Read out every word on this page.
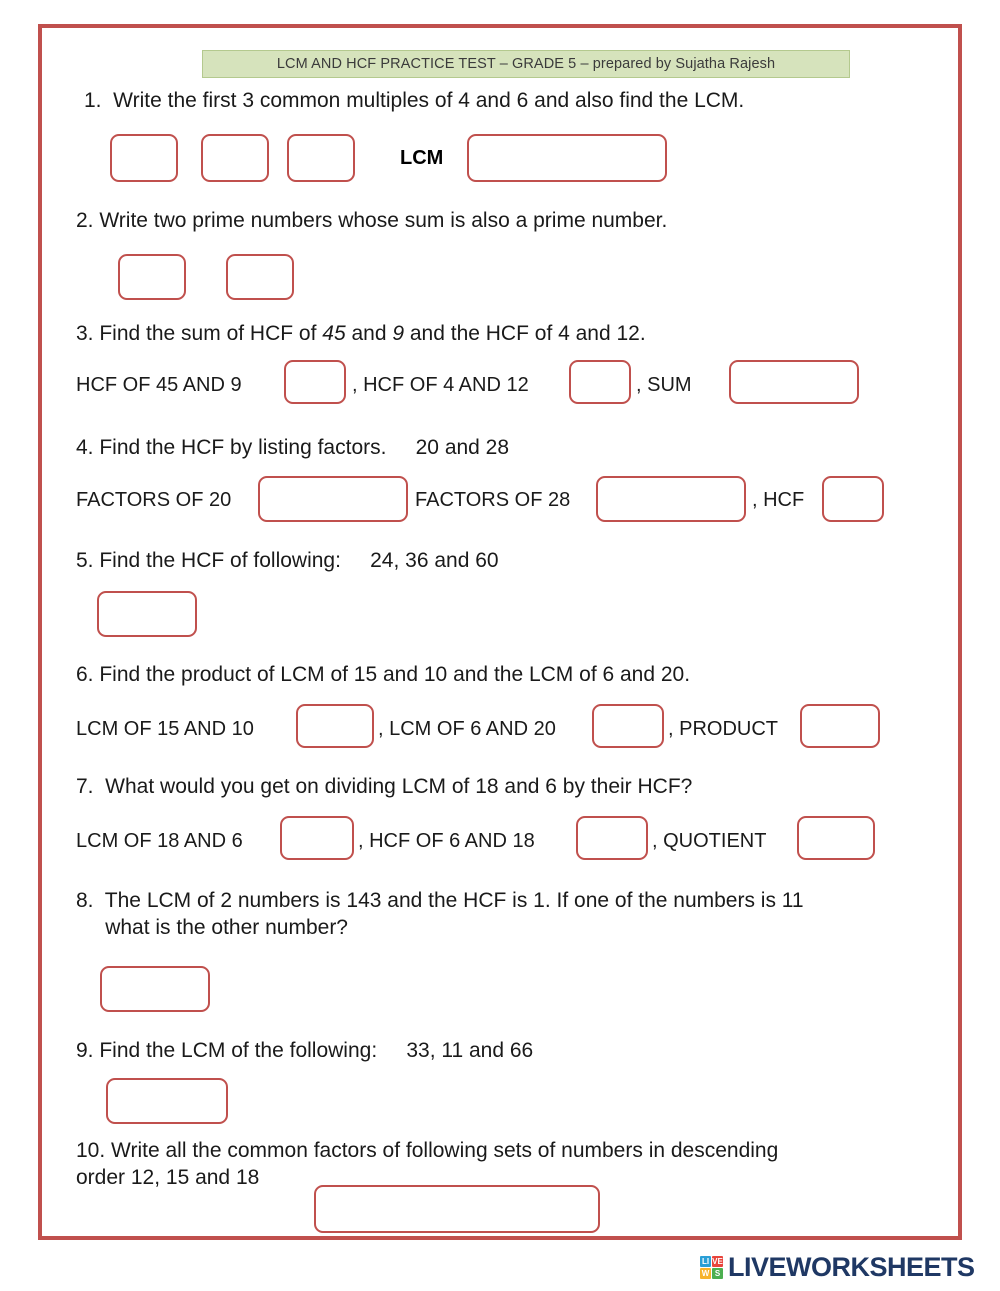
LCM AND HCF PRACTICE TEST – GRADE 5 – prepared by Sujatha Rajesh
1.  Write the first 3 common multiples of 4 and 6 and also find the LCM.
LCM
2. Write two prime numbers whose sum is also a prime number.
3. Find the sum of HCF of 45 and 9 and the HCF of 4 and 12.
HCF OF 45 AND 9	, HCF OF 4 AND 12	, SUM
4. Find the HCF by listing factors.     20 and 28
FACTORS OF 20	FACTORS OF 28	, HCF
5. Find the HCF of following:     24, 36 and 60
6. Find the product of LCM of 15 and 10 and the LCM of 6 and 20.
LCM OF 15 AND 10	, LCM OF 6 AND 20	, PRODUCT
7.  What would you get on dividing LCM of 18 and 6 by their HCF?
LCM OF 18 AND 6	, HCF OF 6 AND 18	, QUOTIENT
8.  The LCM of 2 numbers is 143 and the HCF is 1. If one of the numbers is 11
what is the other number?
9. Find the LCM of the following:     33, 11 and 66
10. Write all the common factors of following sets of numbers in descending
order 12, 15 and 18
LI VE
W S LIVEWORKSHEETS
